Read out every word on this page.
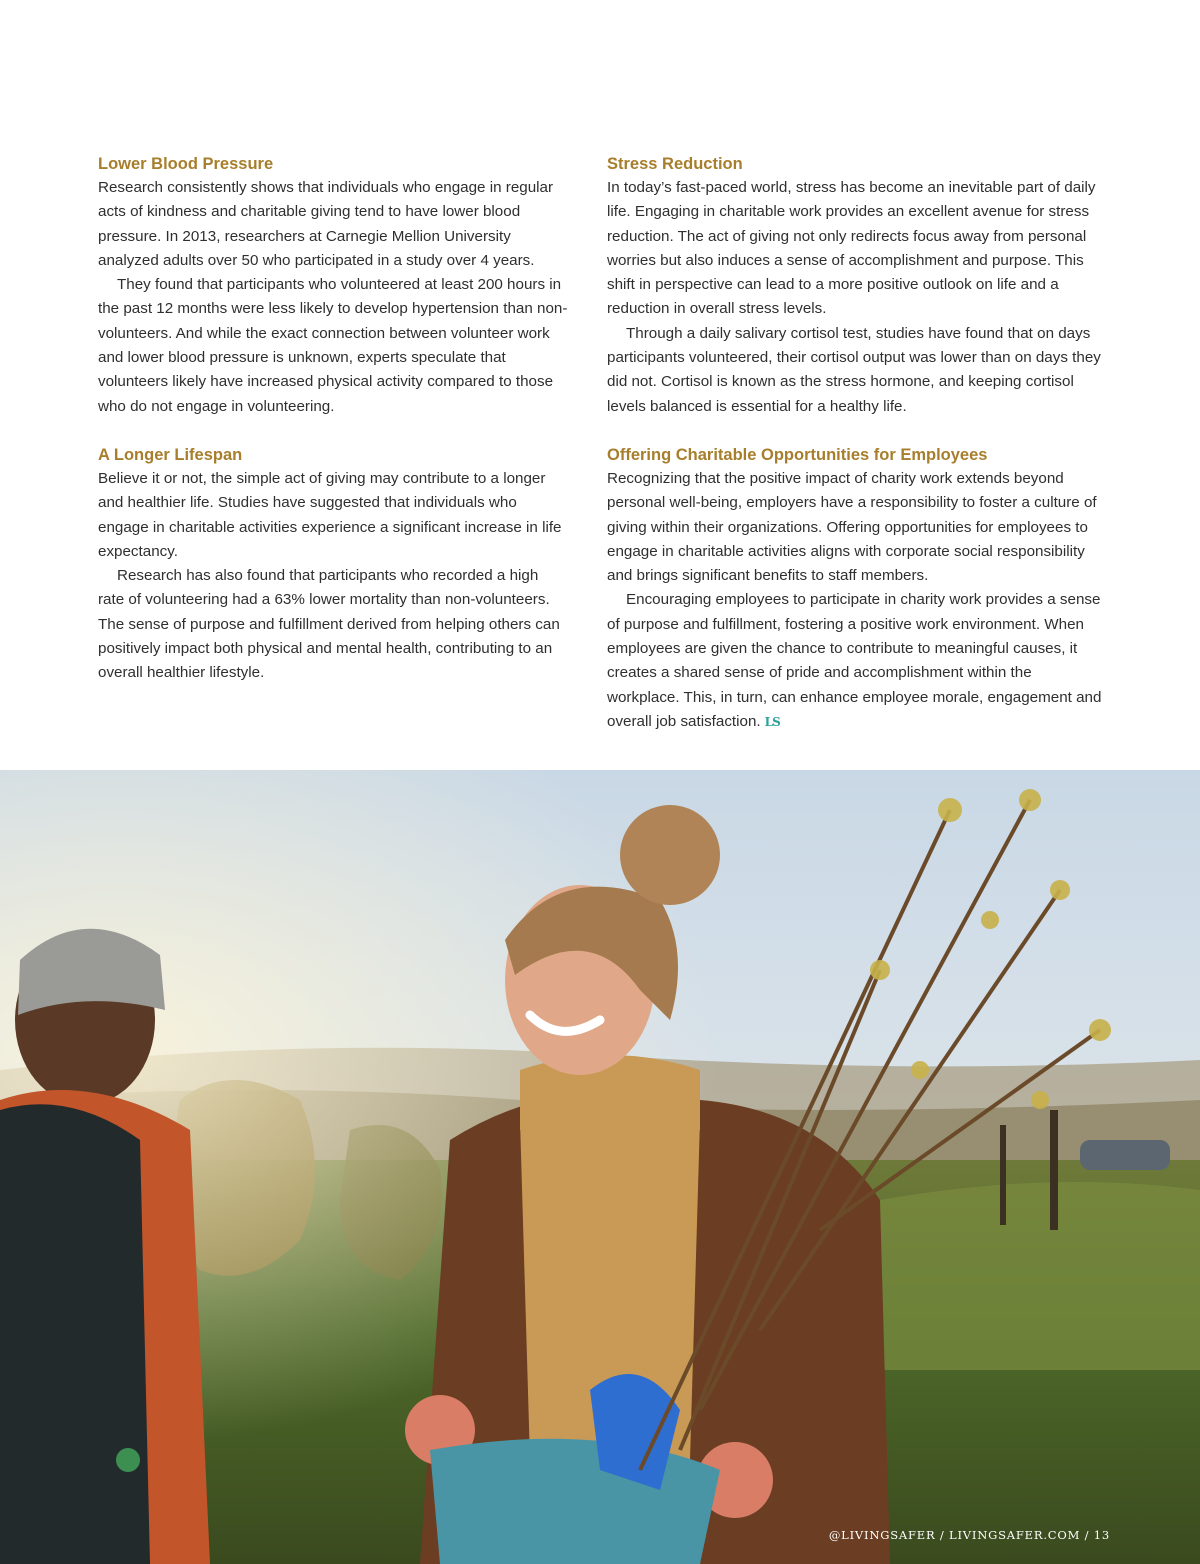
Lower Blood Pressure

Research consistently shows that individuals who engage in regular acts of kindness and charitable giving tend to have lower blood pressure. In 2013, researchers at Carnegie Mellion University analyzed adults over 50 who participated in a study over 4 years.

They found that participants who volunteered at least 200 hours in the past 12 months were less likely to develop hypertension than non-volunteers. And while the exact connection between volunteer work and lower blood pressure is unknown, experts speculate that volunteers likely have increased physical activity compared to those who do not engage in volunteering.

A Longer Lifespan

Believe it or not, the simple act of giving may contribute to a longer and healthier life. Studies have suggested that individuals who engage in charitable activities experience a significant increase in life expectancy.

Research has also found that participants who recorded a high rate of volunteering had a 63% lower mortality than non-volunteers. The sense of purpose and fulfillment derived from helping others can positively impact both physical and mental health, contributing to an overall healthier lifestyle.

Stress Reduction

In today’s fast-paced world, stress has become an inevitable part of daily life. Engaging in charitable work provides an excellent avenue for stress reduction. The act of giving not only redirects focus away from personal worries but also induces a sense of accomplishment and purpose. This shift in perspective can lead to a more positive outlook on life and a reduction in overall stress levels.

Through a daily salivary cortisol test, studies have found that on days participants volunteered, their cortisol output was lower than on days they did not. Cortisol is known as the stress hormone, and keeping cortisol levels balanced is essential for a healthy life.

Offering Charitable Opportunities for Employees

Recognizing that the positive impact of charity work extends beyond personal well-being, employers have a responsibility to foster a culture of giving within their organizations. Offering opportunities for employees to engage in charitable activities aligns with corporate social responsibility and brings significant benefits to staff members.

Encouraging employees to participate in charity work provides a sense of purpose and fulfillment, fostering a positive work environment. When employees are given the chance to contribute to meaningful causes, it creates a shared sense of pride and accomplishment within the workplace. This, in turn, can enhance employee morale, engagement and overall job satisfaction. LS

@LIVINGSAFER / LIVINGSAFER.COM / 13
